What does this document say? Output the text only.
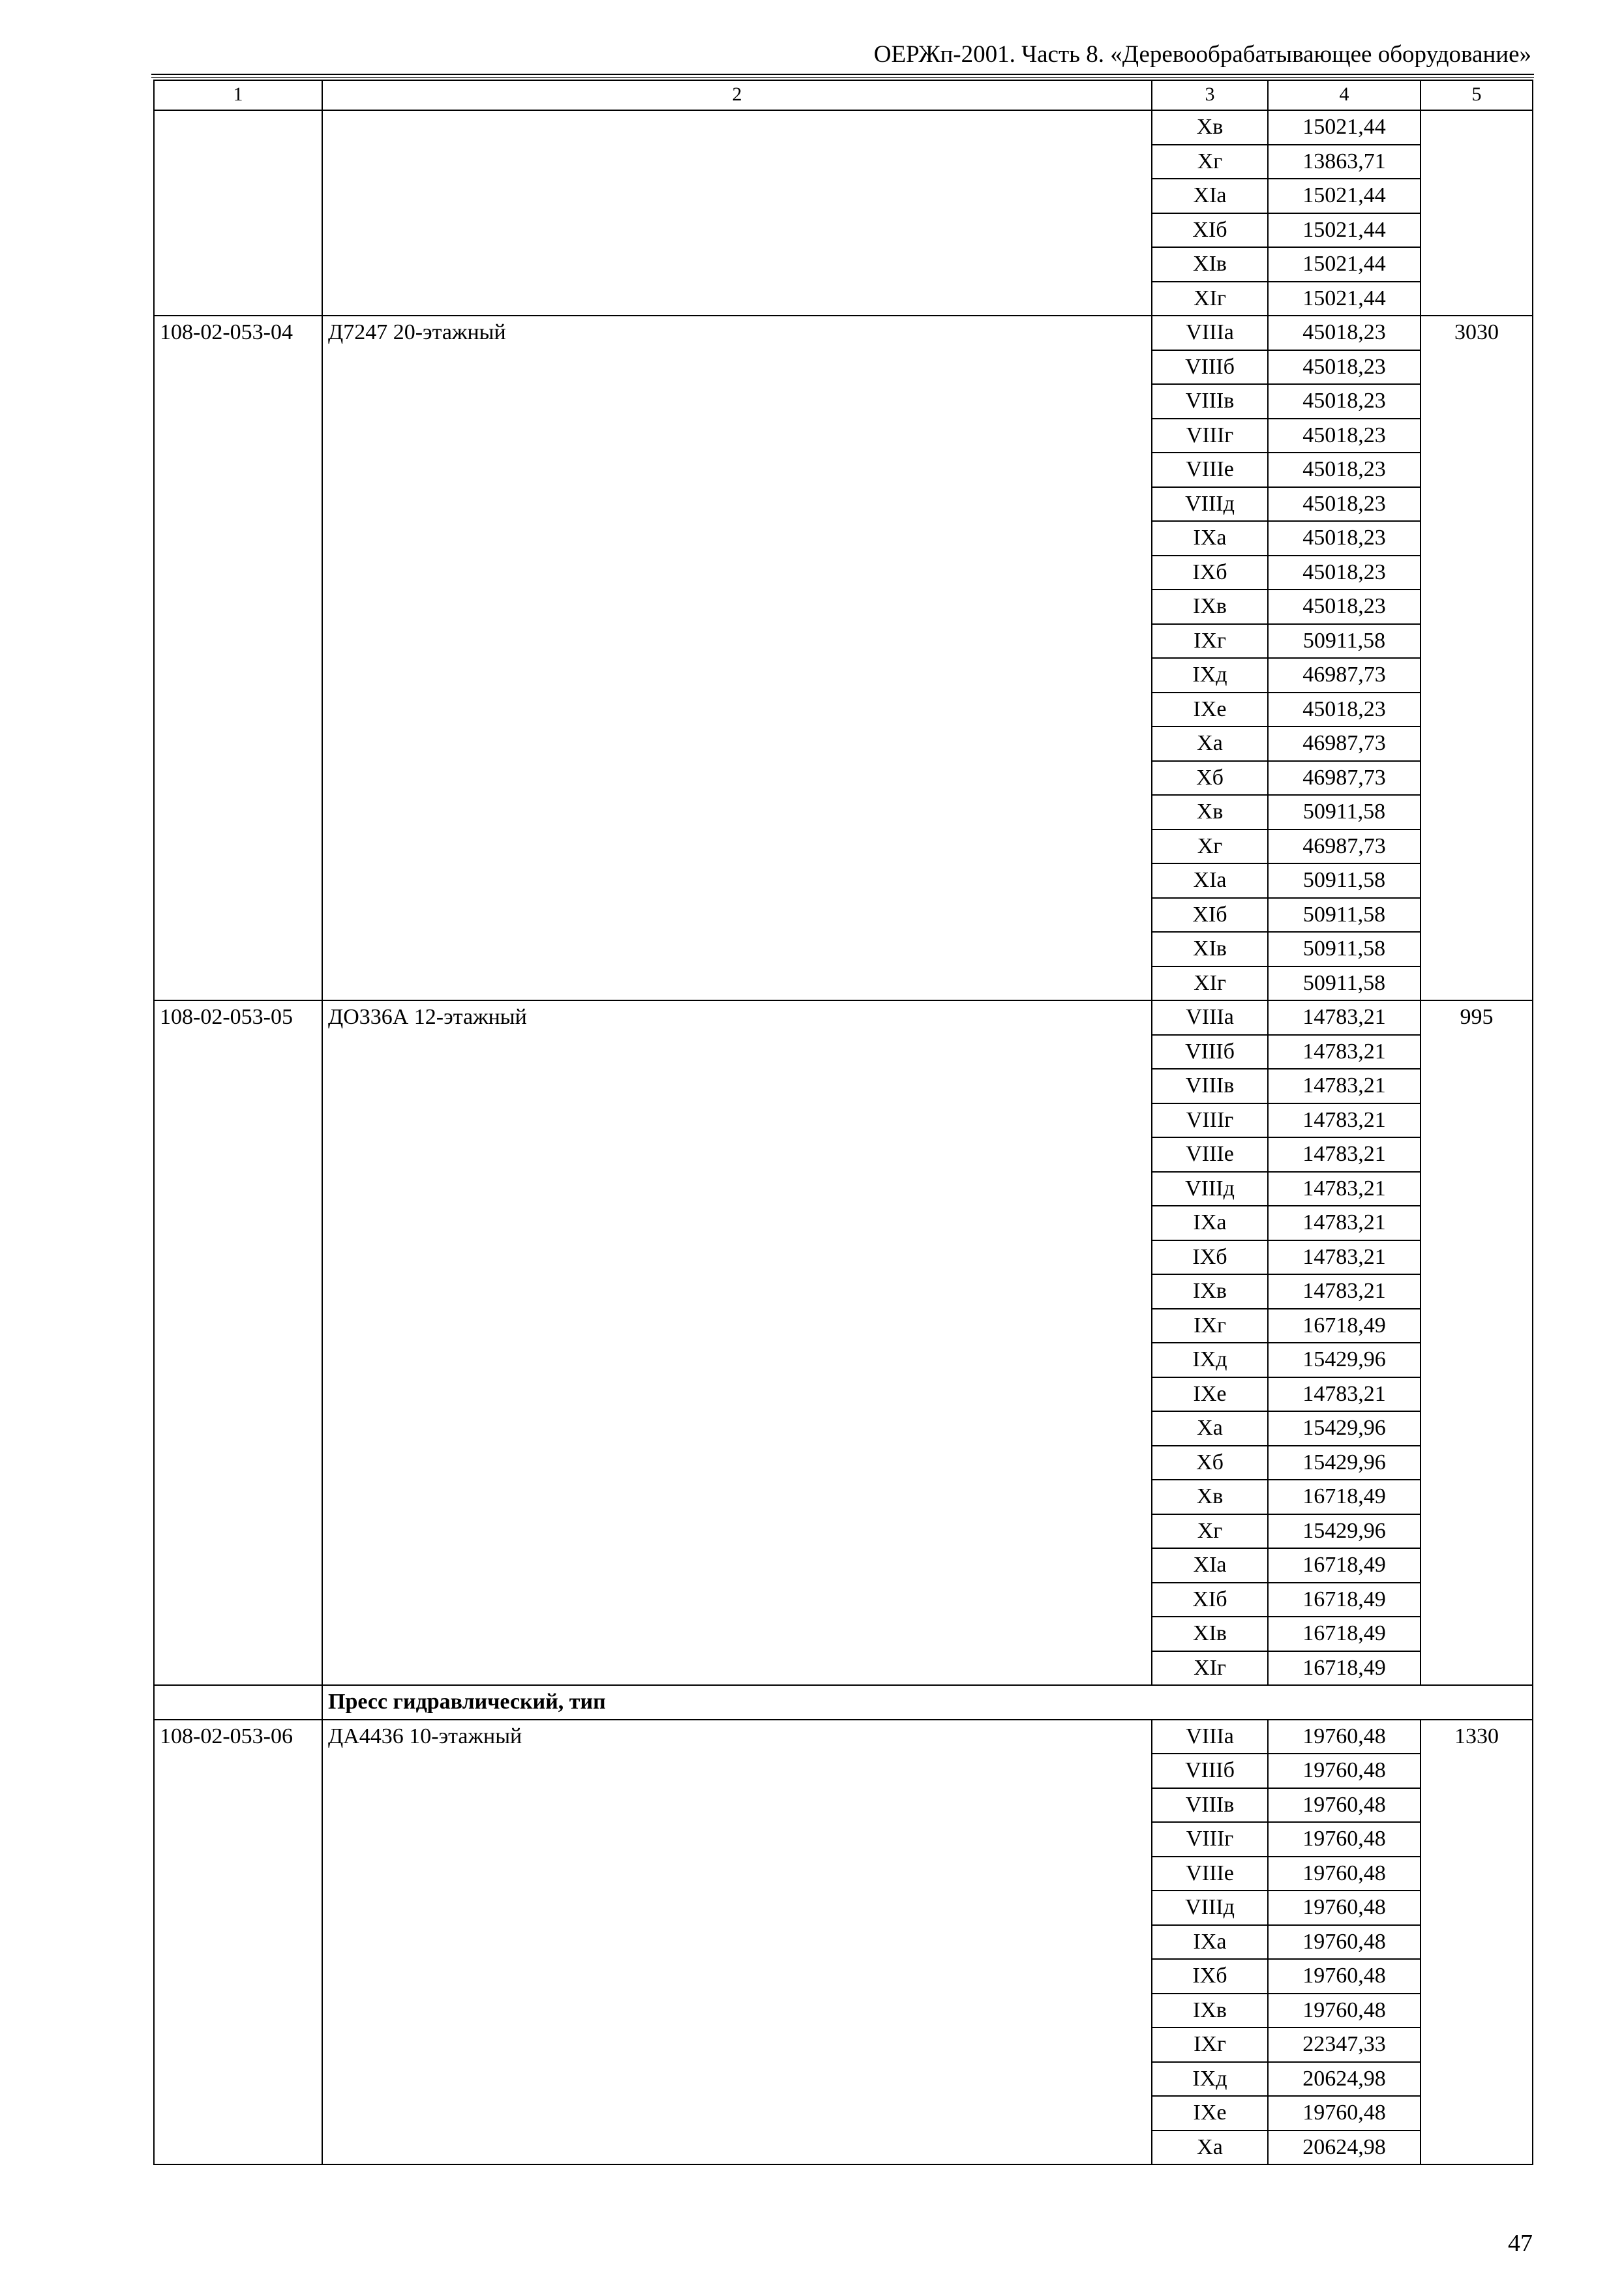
ОЕРЖп-2001. Часть 8. «Деревообрабатывающее оборудование»
1	2	3	4	5
		Хв	15021,44	
		Хг	13863,71	
		ХIа	15021,44	
		ХIб	15021,44	
		ХIв	15021,44	
		ХIг	15021,44	
108-02-053-04	Д7247 20-этажный	VIIIа	45018,23	3030
		VIIIб	45018,23	
		VIIIв	45018,23	
		VIIIг	45018,23	
		VIIIе	45018,23	
		VIIIд	45018,23	
		IХа	45018,23	
		IХб	45018,23	
		IХв	45018,23	
		IХг	50911,58	
		IХд	46987,73	
		IХе	45018,23	
		Ха	46987,73	
		Хб	46987,73	
		Хв	50911,58	
		Хг	46987,73	
		ХIа	50911,58	
		ХIб	50911,58	
		ХIв	50911,58	
		ХIг	50911,58	
108-02-053-05	ДО336А 12-этажный	VIIIа	14783,21	995
		VIIIб	14783,21	
		VIIIв	14783,21	
		VIIIг	14783,21	
		VIIIе	14783,21	
		VIIIд	14783,21	
		IХа	14783,21	
		IХб	14783,21	
		IХв	14783,21	
		IХг	16718,49	
		IХд	15429,96	
		IХе	14783,21	
		Ха	15429,96	
		Хб	15429,96	
		Хв	16718,49	
		Хг	15429,96	
		ХIа	16718,49	
		ХIб	16718,49	
		ХIв	16718,49	
		ХIг	16718,49	
	Пресс гидравлический, тип			
108-02-053-06	ДА4436 10-этажный	VIIIа	19760,48	1330
		VIIIб	19760,48	
		VIIIв	19760,48	
		VIIIг	19760,48	
		VIIIе	19760,48	
		VIIIд	19760,48	
		IХа	19760,48	
		IХб	19760,48	
		IХв	19760,48	
		IХг	22347,33	
		IХд	20624,98	
		IХе	19760,48	
		Ха	20624,98	
47
